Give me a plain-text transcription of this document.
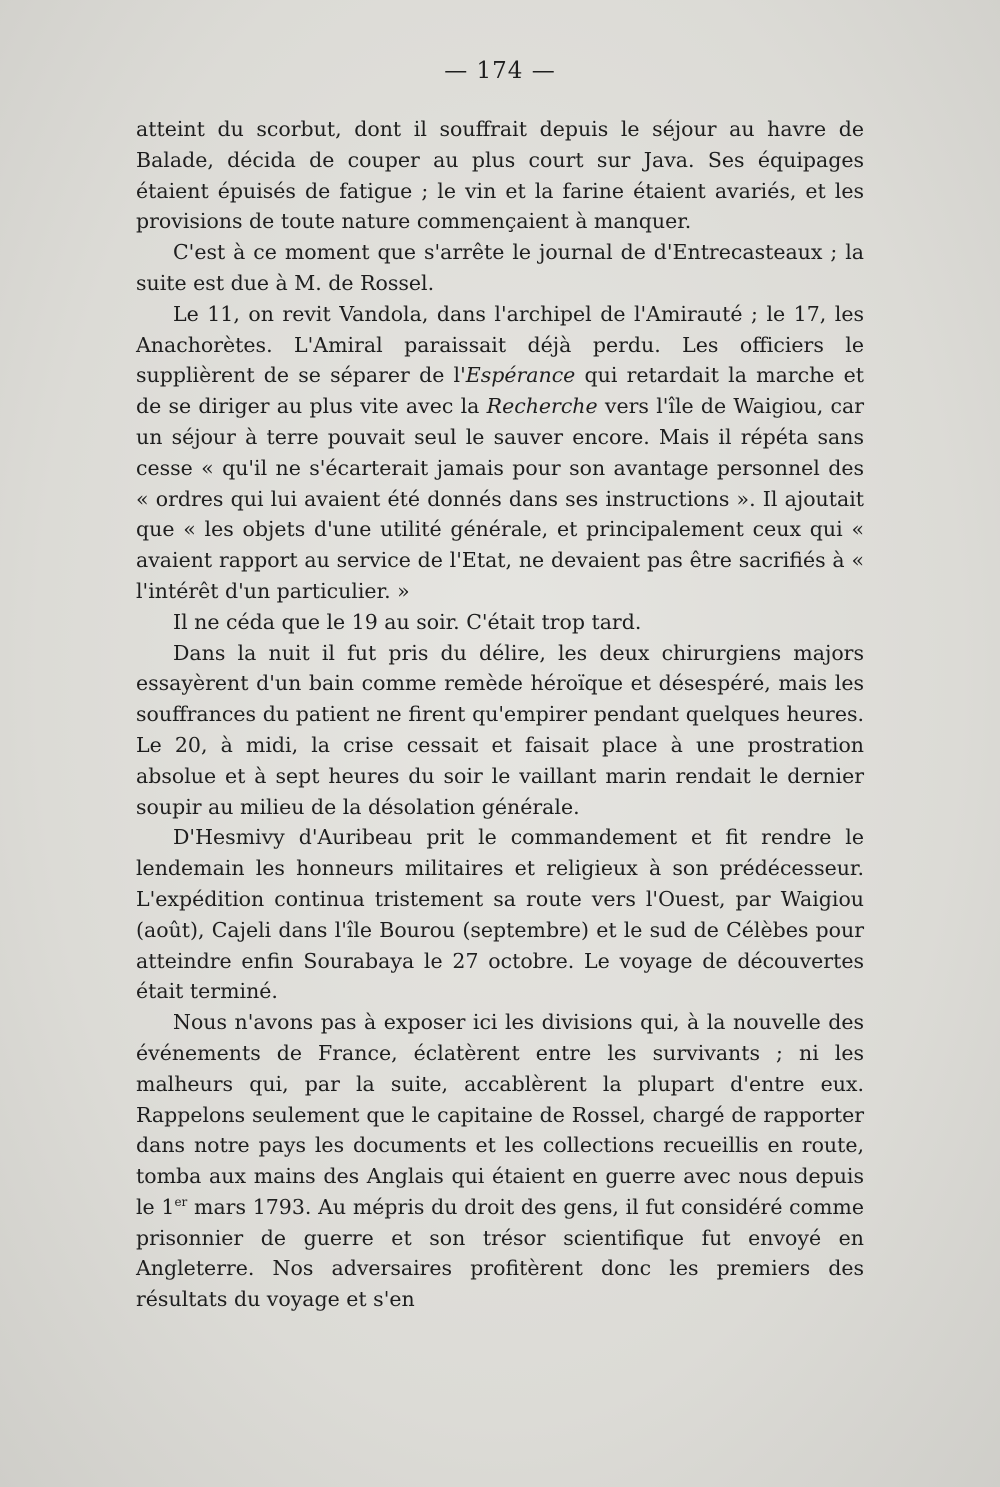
— 174 —

atteint du scorbut, dont il souffrait depuis le séjour au havre de Balade, décida de couper au plus court sur Java. Ses équipages étaient épuisés de fatigue ; le vin et la farine étaient avariés, et les provisions de toute nature commençaient à manquer.

C'est à ce moment que s'arrête le journal de d'Entrecasteaux ; la suite est due à M. de Rossel.

Le 11, on revit Vandola, dans l'archipel de l'Amirauté ; le 17, les Anachorètes. L'Amiral paraissait déjà perdu. Les officiers le supplièrent de se séparer de l'Espérance qui retardait la marche et de se diriger au plus vite avec la Recherche vers l'île de Waigiou, car un séjour à terre pouvait seul le sauver encore. Mais il répéta sans cesse « qu'il ne s'écarterait jamais pour son avantage personnel des « ordres qui lui avaient été donnés dans ses instructions ». Il ajoutait que « les objets d'une utilité générale, et principalement ceux qui « avaient rapport au service de l'Etat, ne devaient pas être sacrifiés à « l'intérêt d'un particulier. »

Il ne céda que le 19 au soir. C'était trop tard.

Dans la nuit il fut pris du délire, les deux chirurgiens majors essayèrent d'un bain comme remède héroïque et désespéré, mais les souffrances du patient ne firent qu'empirer pendant quelques heures. Le 20, à midi, la crise cessait et faisait place à une prostration absolue et à sept heures du soir le vaillant marin rendait le dernier soupir au milieu de la désolation générale.

D'Hesmivy d'Auribeau prit le commandement et fit rendre le lendemain les honneurs militaires et religieux à son prédécesseur. L'expédition continua tristement sa route vers l'Ouest, par Waigiou (août), Cajeli dans l'île Bourou (septembre) et le sud de Célèbes pour atteindre enfin Sourabaya le 27 octobre. Le voyage de découvertes était terminé.

Nous n'avons pas à exposer ici les divisions qui, à la nouvelle des événements de France, éclatèrent entre les survivants ; ni les malheurs qui, par la suite, accablèrent la plupart d'entre eux. Rappelons seulement que le capitaine de Rossel, chargé de rapporter dans notre pays les documents et les collections recueillis en route, tomba aux mains des Anglais qui étaient en guerre avec nous depuis le 1er mars 1793. Au mépris du droit des gens, il fut considéré comme prisonnier de guerre et son trésor scientifique fut envoyé en Angleterre. Nos adversaires profitèrent donc les premiers des résultats du voyage et s'en
